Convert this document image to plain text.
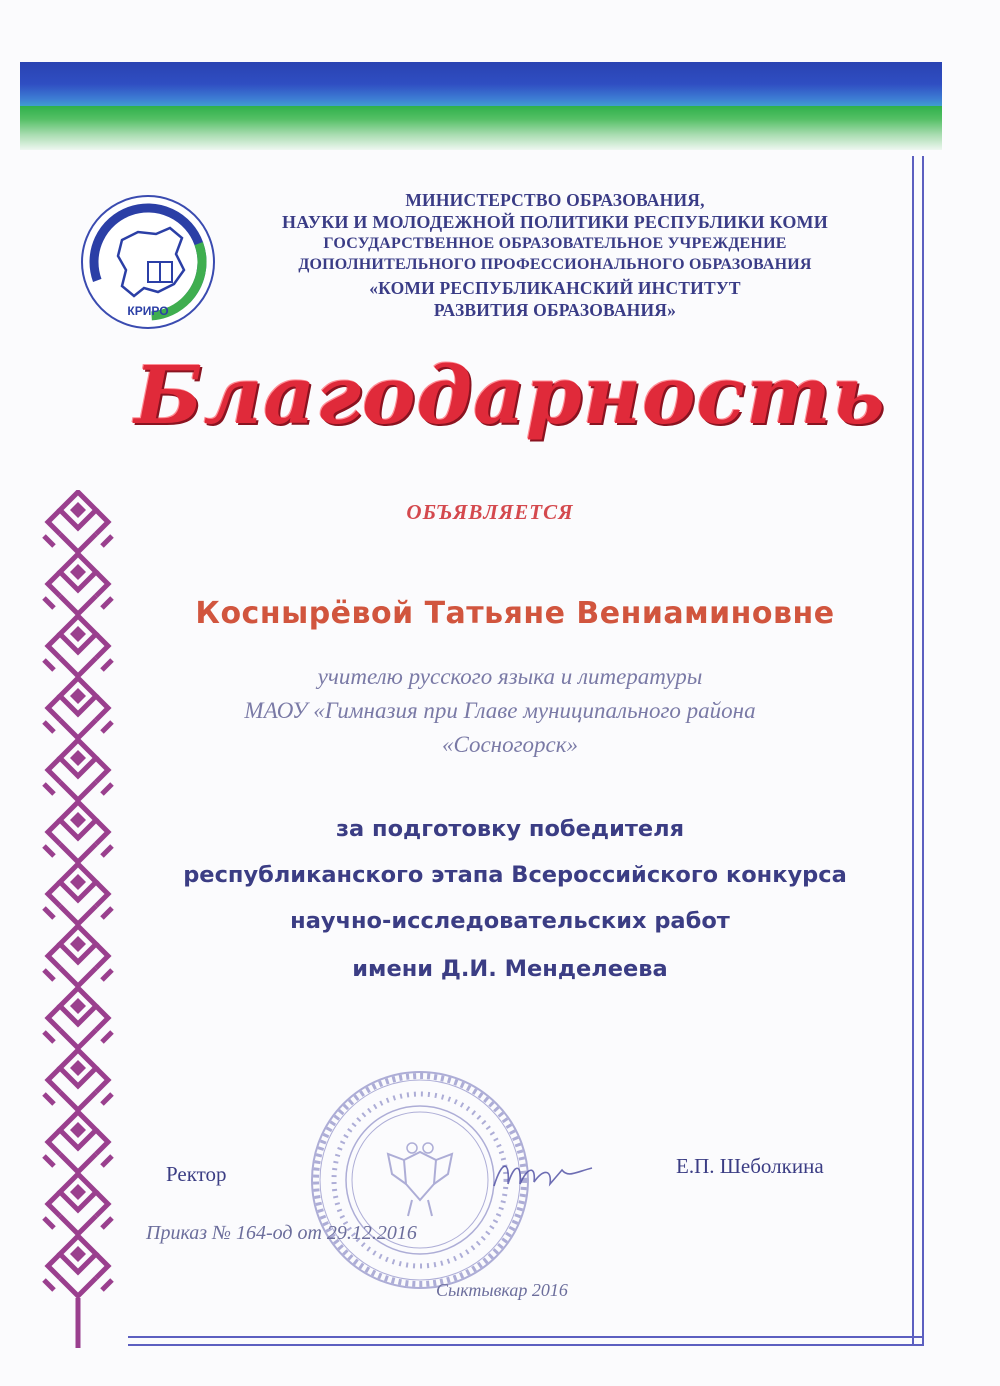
КРИРО
МИНИСТЕРСТВО ОБРАЗОВАНИЯ,
НАУКИ И МОЛОДЕЖНОЙ ПОЛИТИКИ РЕСПУБЛИКИ КОМИ
ГОСУДАРСТВЕННОЕ ОБРАЗОВАТЕЛЬНОЕ УЧРЕЖДЕНИЕ
ДОПОЛНИТЕЛЬНОГО ПРОФЕССИОНАЛЬНОГО ОБРАЗОВАНИЯ
«КОМИ РЕСПУБЛИКАНСКИЙ ИНСТИТУТ
РАЗВИТИЯ ОБРАЗОВАНИЯ»
Благодарность
ОБЪЯВЛЯЕТСЯ
Коснырëвой Татьяне Вениаминовне
учителю русского языка и литературы
МАОУ «Гимназия при Главе муниципального района
«Сосногорск»
за подготовку победителя
республиканского этапа Всероссийского конкурса
научно-исследовательских работ
имени Д.И. Менделеева
Ректор	Е.П. Шеболкина
Приказ № 164-од от 29.12.2016
Сыктывкар 2016
